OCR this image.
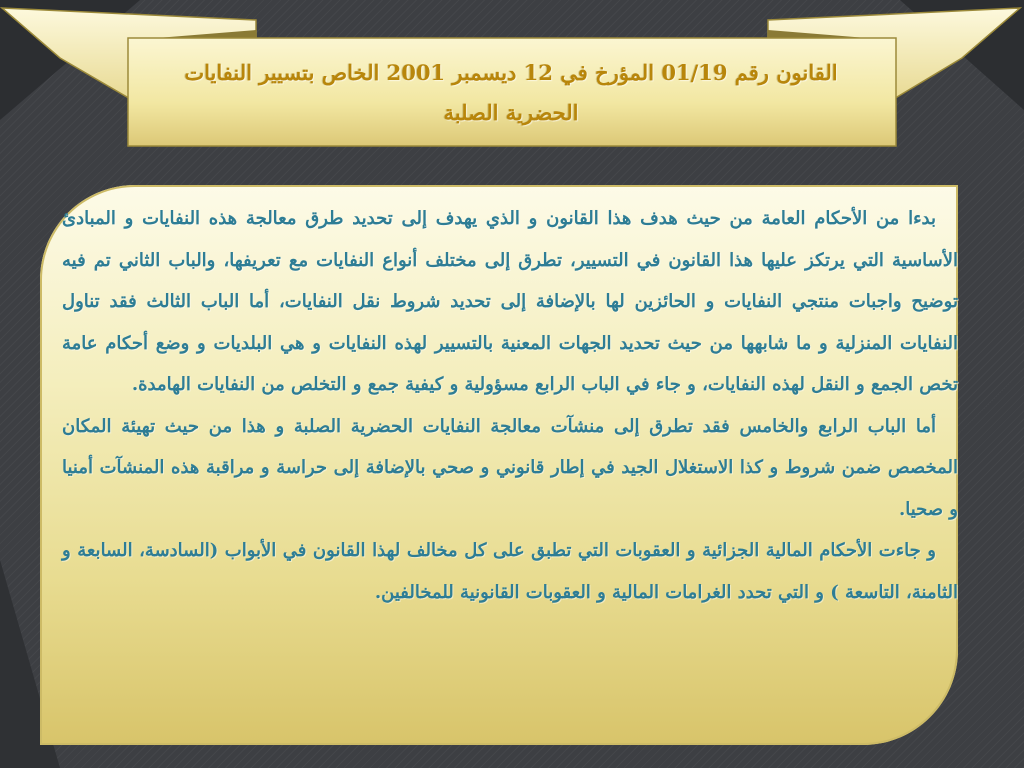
القانون رقم 01/19 المؤرخ في 12 ديسمبر 2001 الخاص بتسيير النفايات الحضرية الصلبة

بدءا من الأحكام العامة من حيث هدف هذا القانون و الذي يهدف إلى تحديد طرق معالجة هذه النفايات و المبادئ الأساسية التي يرتكز عليها هذا القانون في التسيير، تطرق إلى مختلف أنواع النفايات مع تعريفها، والباب الثاني تم فيه توضيح واجبات منتجي النفايات و الحائزين لها بالإضافة إلى تحديد شروط نقل النفايات، أما الباب الثالث فقد تناول النفايات المنزلية و ما شابهها من حيث تحديد الجهات المعنية بالتسيير لهذه النفايات و هي البلديات و وضع أحكام عامة تخص الجمع و النقل لهذه النفايات، و جاء في الباب الرابع مسؤولية و كيفية جمع و التخلص من النفايات الهامدة.

أما الباب الرابع والخامس فقد تطرق إلى منشآت معالجة النفايات الحضرية الصلبة و هذا من حيث تهيئة المكان المخصص ضمن شروط و كذا الاستغلال الجيد في إطار قانوني و صحي بالإضافة إلى حراسة و مراقبة هذه المنشآت أمنيا و صحيا.

و جاءت الأحكام المالية الجزائية و العقوبات التي تطبق على كل مخالف لهذا القانون في الأبواب (السادسة، السابعة و الثامنة، التاسعة ) و التي تحدد الغرامات المالية و العقوبات القانونية للمخالفين.
